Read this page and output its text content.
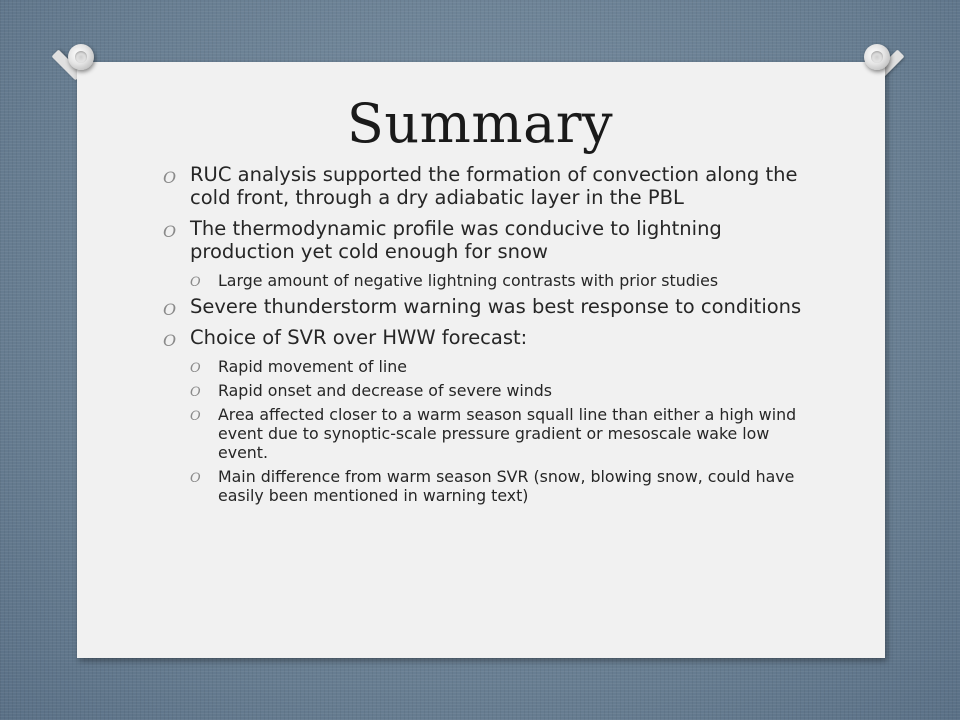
Summary
O RUC analysis supported the formation of convection along the cold front, through a dry adiabatic layer in the PBL
O The thermodynamic profile was conducive to lightning production yet cold enough for snow
O Large amount of negative lightning contrasts with prior studies
O Severe thunderstorm warning was best response to conditions
O Choice of SVR over HWW forecast:
O Rapid movement of line
O Rapid onset and decrease of severe winds
O Area affected closer to a warm season squall line than either a high wind event due to synoptic-scale pressure gradient or mesoscale wake low event.
O Main difference from warm season SVR (snow, blowing snow, could have easily been mentioned in warning text)
